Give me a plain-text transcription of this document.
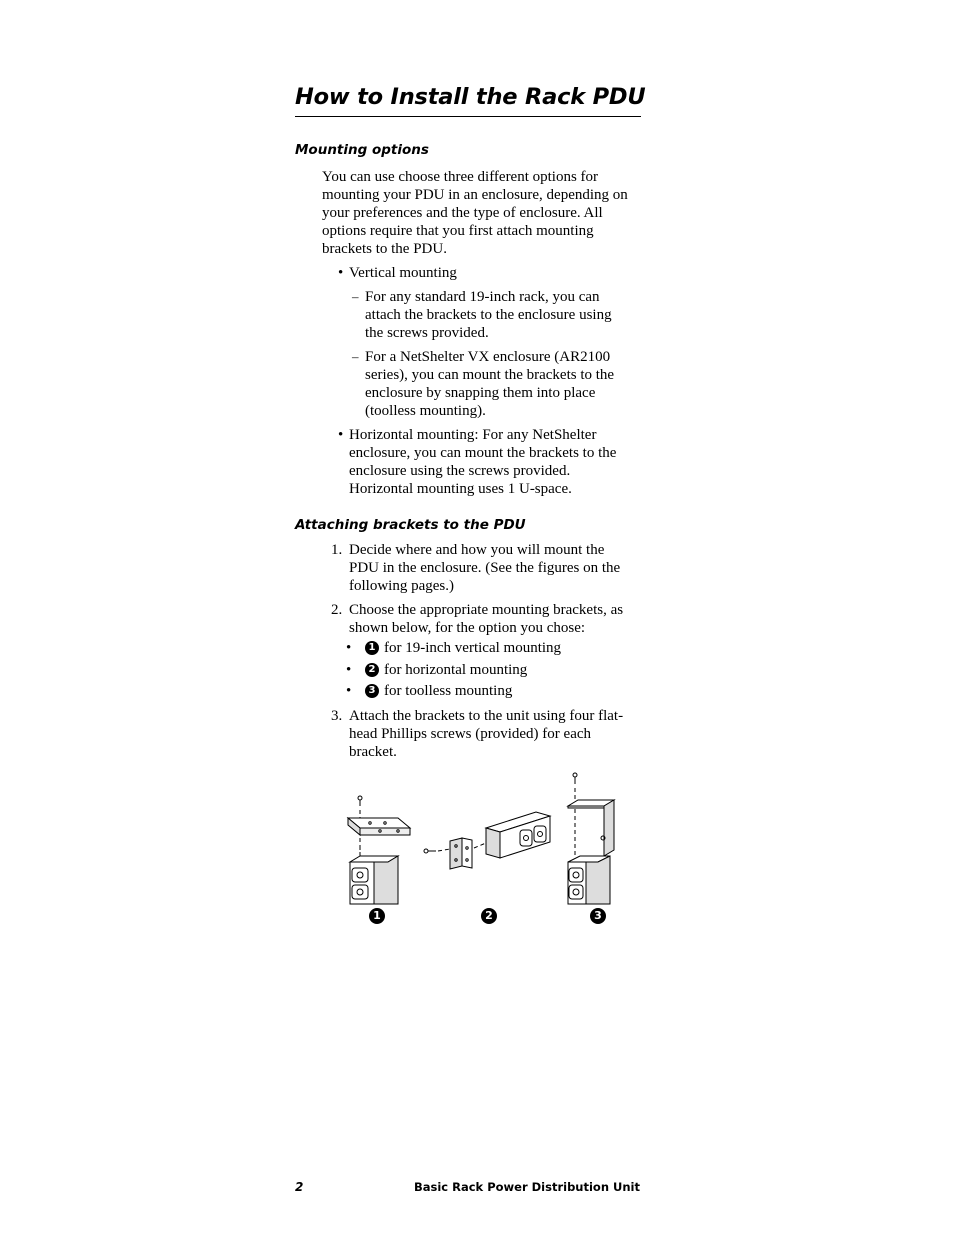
How to Install the Rack PDU
Mounting options
You can use choose three different options for mounting your PDU in an enclosure, depending on your preferences and the type of enclosure. All options require that you first attach mounting brackets to the PDU.
• Vertical mounting
– For any standard 19-inch rack, you can attach the brackets to the enclosure using the screws provided.
– For a NetShelter VX enclosure (AR2100 series), you can mount the brackets to the enclosure by snapping them into place (toolless mounting).
• Horizontal mounting: For any NetShelter enclosure, you can mount the brackets to the enclosure using the screws provided. Horizontal mounting uses 1 U-space.
Attaching brackets to the PDU
1. Decide where and how you will mount the PDU in the enclosure. (See the figures on the following pages.)
2. Choose the appropriate mounting brackets, as shown below, for the option you chose:
•	1 for 19-inch vertical mounting
•	2 for horizontal mounting
•	3 for toolless mounting
3. Attach the brackets to the unit using four flat-head Phillips screws (provided) for each bracket.
1	2	3
2	Basic Rack Power Distribution Unit
